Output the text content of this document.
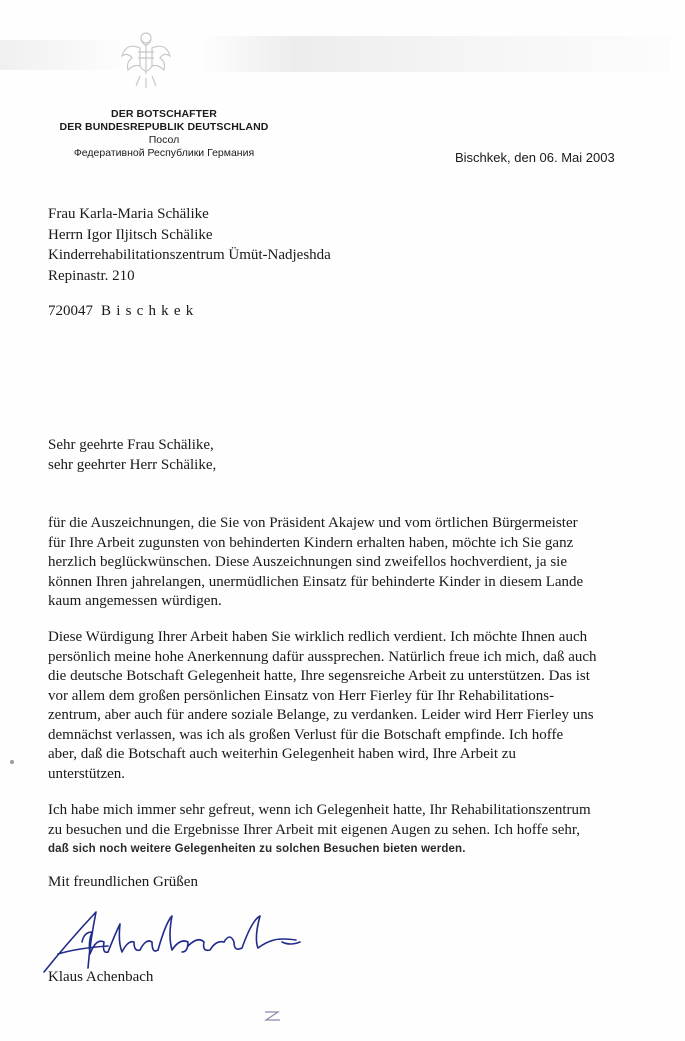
DER BOTSCHAFTER
DER BUNDESREPUBLIK DEUTSCHLAND
Посол
Федеративной Республики Германия	Bischkek, den 06. Mai 2003
Frau Karla-Maria Schälike
Herrn Igor Iljitsch Schälike
Kinderrehabilitationszentrum Ümüt-Nadjeshda
Repinastr. 210
720047 Bischkek
Sehr geehrte Frau Schälike,
sehr geehrter Herr Schälike,
für die Auszeichnungen, die Sie von Präsident Akajew und vom örtlichen Bürgermeister
für Ihre Arbeit zugunsten von behinderten Kindern erhalten haben, möchte ich Sie ganz
herzlich beglückwünschen. Diese Auszeichnungen sind zweifellos hochverdient, ja sie
können Ihren jahrelangen, unermüdlichen Einsatz für behinderte Kinder in diesem Lande
kaum angemessen würdigen.
Diese Würdigung Ihrer Arbeit haben Sie wirklich redlich verdient. Ich möchte Ihnen auch
persönlich meine hohe Anerkennung dafür aussprechen. Natürlich freue ich mich, daß auch
die deutsche Botschaft Gelegenheit hatte, Ihre segensreiche Arbeit zu unterstützen. Das ist
vor allem dem großen persönlichen Einsatz von Herr Fierley für Ihr Rehabilitations-
zentrum, aber auch für andere soziale Belange, zu verdanken. Leider wird Herr Fierley uns
demnächst verlassen, was ich als großen Verlust für die Botschaft empfinde. Ich hoffe
aber, daß die Botschaft auch weiterhin Gelegenheit haben wird, Ihre Arbeit zu
unterstützen.
Ich habe mich immer sehr gefreut, wenn ich Gelegenheit hatte, Ihr Rehabilitationszentrum
zu besuchen und die Ergebnisse Ihrer Arbeit mit eigenen Augen zu sehen. Ich hoffe sehr,
daß sich noch weitere Gelegenheiten zu solchen Besuchen bieten werden.
Mit freundlichen Grüßen
Klaus Achenbach
